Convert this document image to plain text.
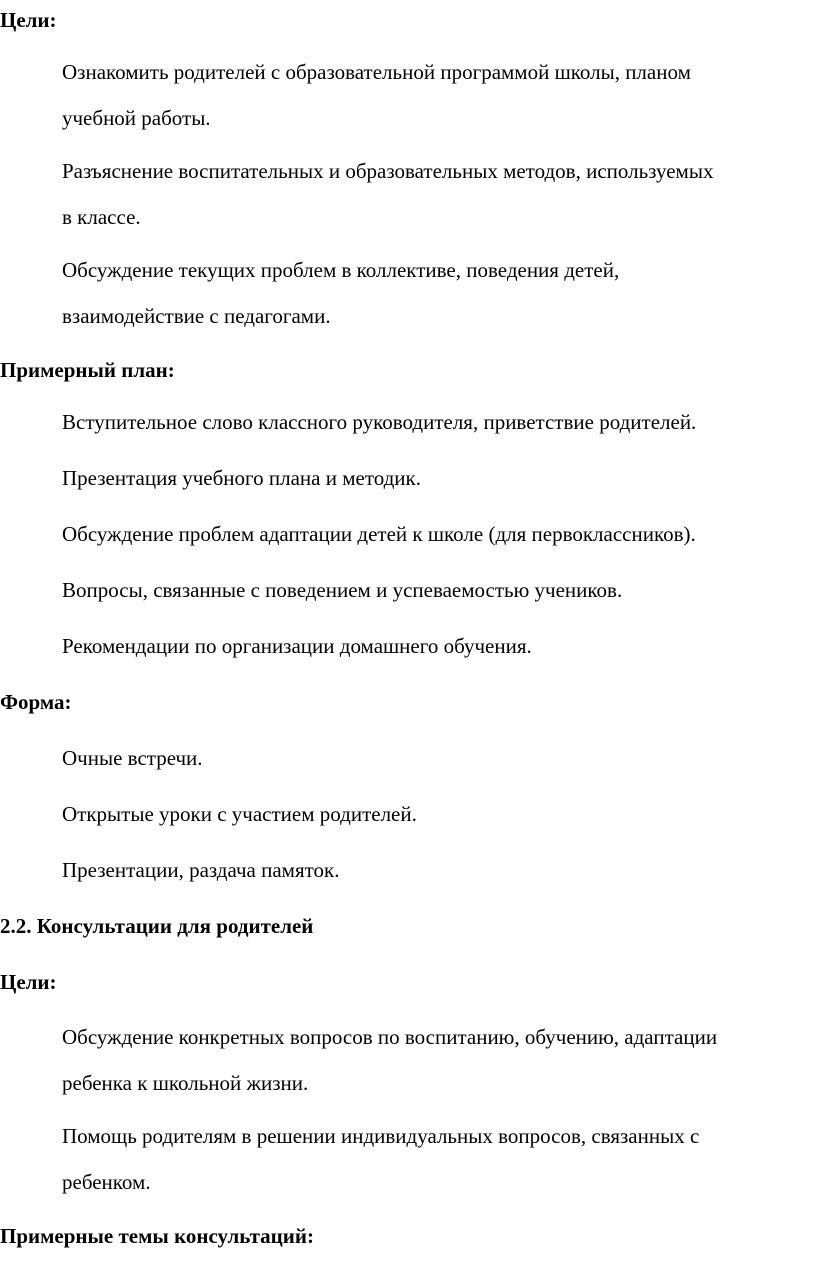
Цели:

Ознакомить родителей с образовательной программой школы, планом

учебной работы.

Разъяснение воспитательных и образовательных методов, используемых

в классе.

Обсуждение текущих проблем в коллективе, поведения детей,

взаимодействие с педагогами.

Примерный план:

Вступительное слово классного руководителя, приветствие родителей.

Презентация учебного плана и методик.

Обсуждение проблем адаптации детей к школе (для первоклассников).

Вопросы, связанные с поведением и успеваемостью учеников.

Рекомендации по организации домашнего обучения.

Форма:

Очные встречи.

Открытые уроки с участием родителей.

Презентации, раздача памяток.

2.2. Консультации для родителей

Цели:

Обсуждение конкретных вопросов по воспитанию, обучению, адаптации

ребенка к школьной жизни.

Помощь родителям в решении индивидуальных вопросов, связанных с

ребенком.

Примерные темы консультаций:
